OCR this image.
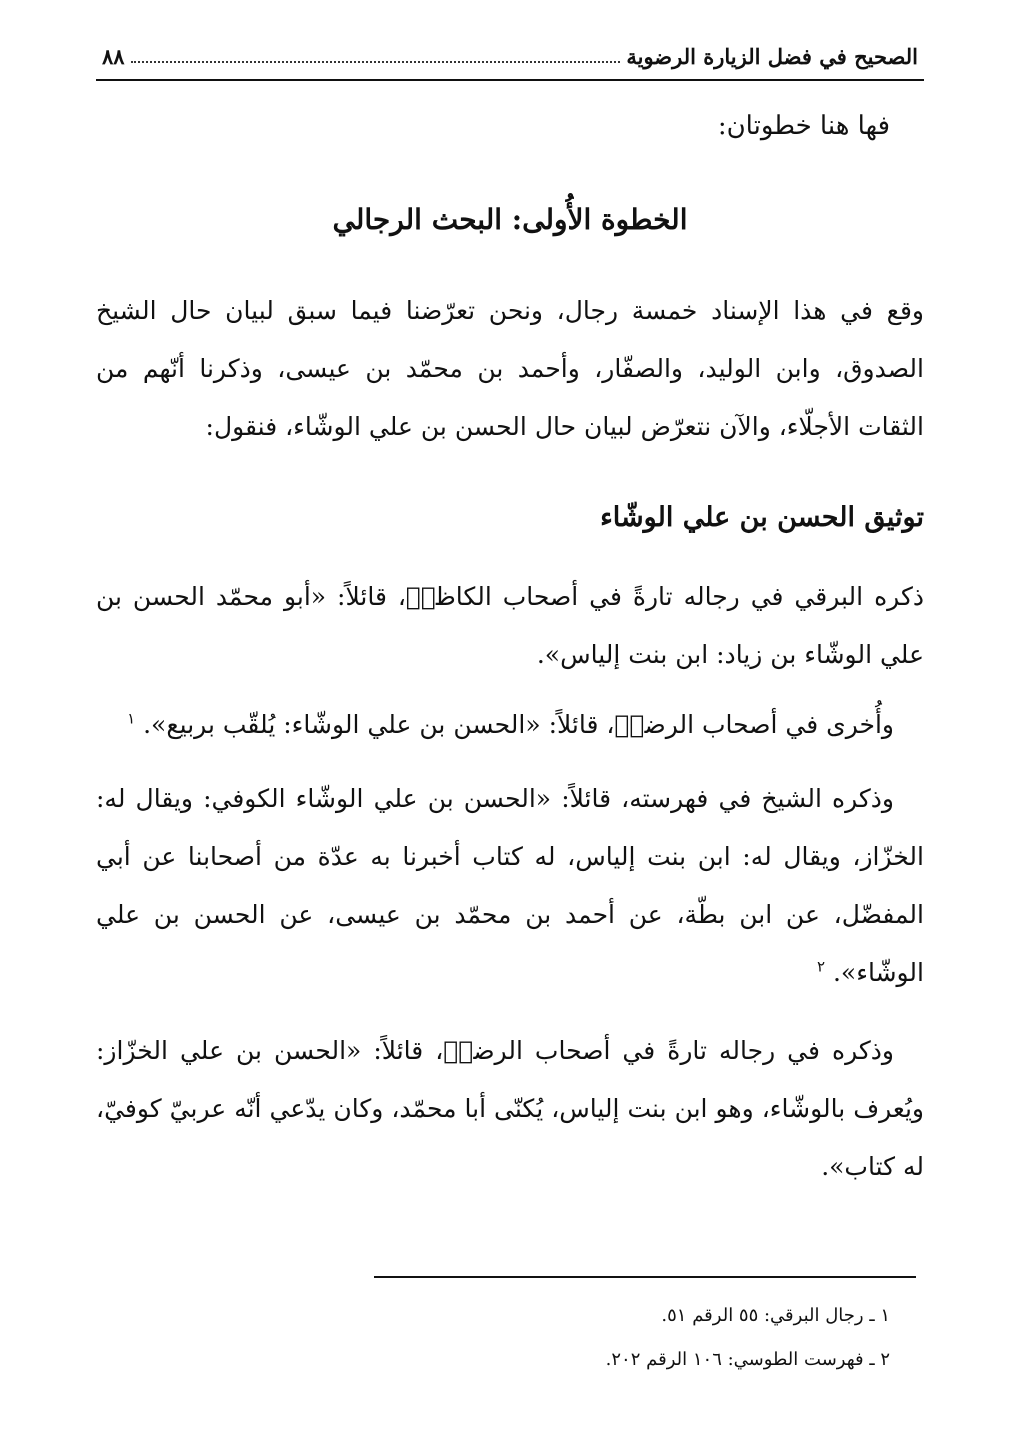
الصحيح في فضل الزيارة الرضوية
٨٨
فها هنا خطوتان:
الخطوة الأُولى: البحث الرجالي
وقع في هذا الإسناد خمسة رجال، ونحن تعرّضنا فيما سبق لبيان حال الشيخ الصدوق، وابن الوليد، والصفّار، وأحمد بن محمّد بن عيسى، وذكرنا أنّهم من الثقات الأجلّاء، والآن نتعرّض لبيان حال الحسن بن علي الوشّاء، فنقول:
توثيق الحسن بن علي الوشّاء
ذكره البرقي في رجاله تارةً في أصحاب الكاظمؐ، قائلاً: «أبو محمّد الحسن بن علي الوشّاء بن زياد: ابن بنت إلياس».
وأُخرى في أصحاب الرضاؐ، قائلاً: «الحسن بن علي الوشّاء: يُلقّب بربيع». $^١$
وذكره الشيخ في فهرسته، قائلاً: «الحسن بن علي الوشّاء الكوفي: ويقال له: الخزّاز، ويقال له: ابن بنت إلياس، له كتاب أخبرنا به عدّة من أصحابنا عن أبي المفضّل، عن ابن بطّة، عن أحمد بن محمّد بن عيسى، عن الحسن بن علي الوشّاء». $^٢$
وذكره في رجاله تارةً في أصحاب الرضاؐ، قائلاً: «الحسن بن علي الخزّاز: ويُعرف بالوشّاء، وهو ابن بنت إلياس، يُكنّى أبا محمّد، وكان يدّعي أنّه عربيّ كوفيّ، له كتاب».
١ ـ رجال البرقي: ٥٥ الرقم ٥١.
٢ ـ فهرست الطوسي: ١٠٦ الرقم ٢٠٢.
